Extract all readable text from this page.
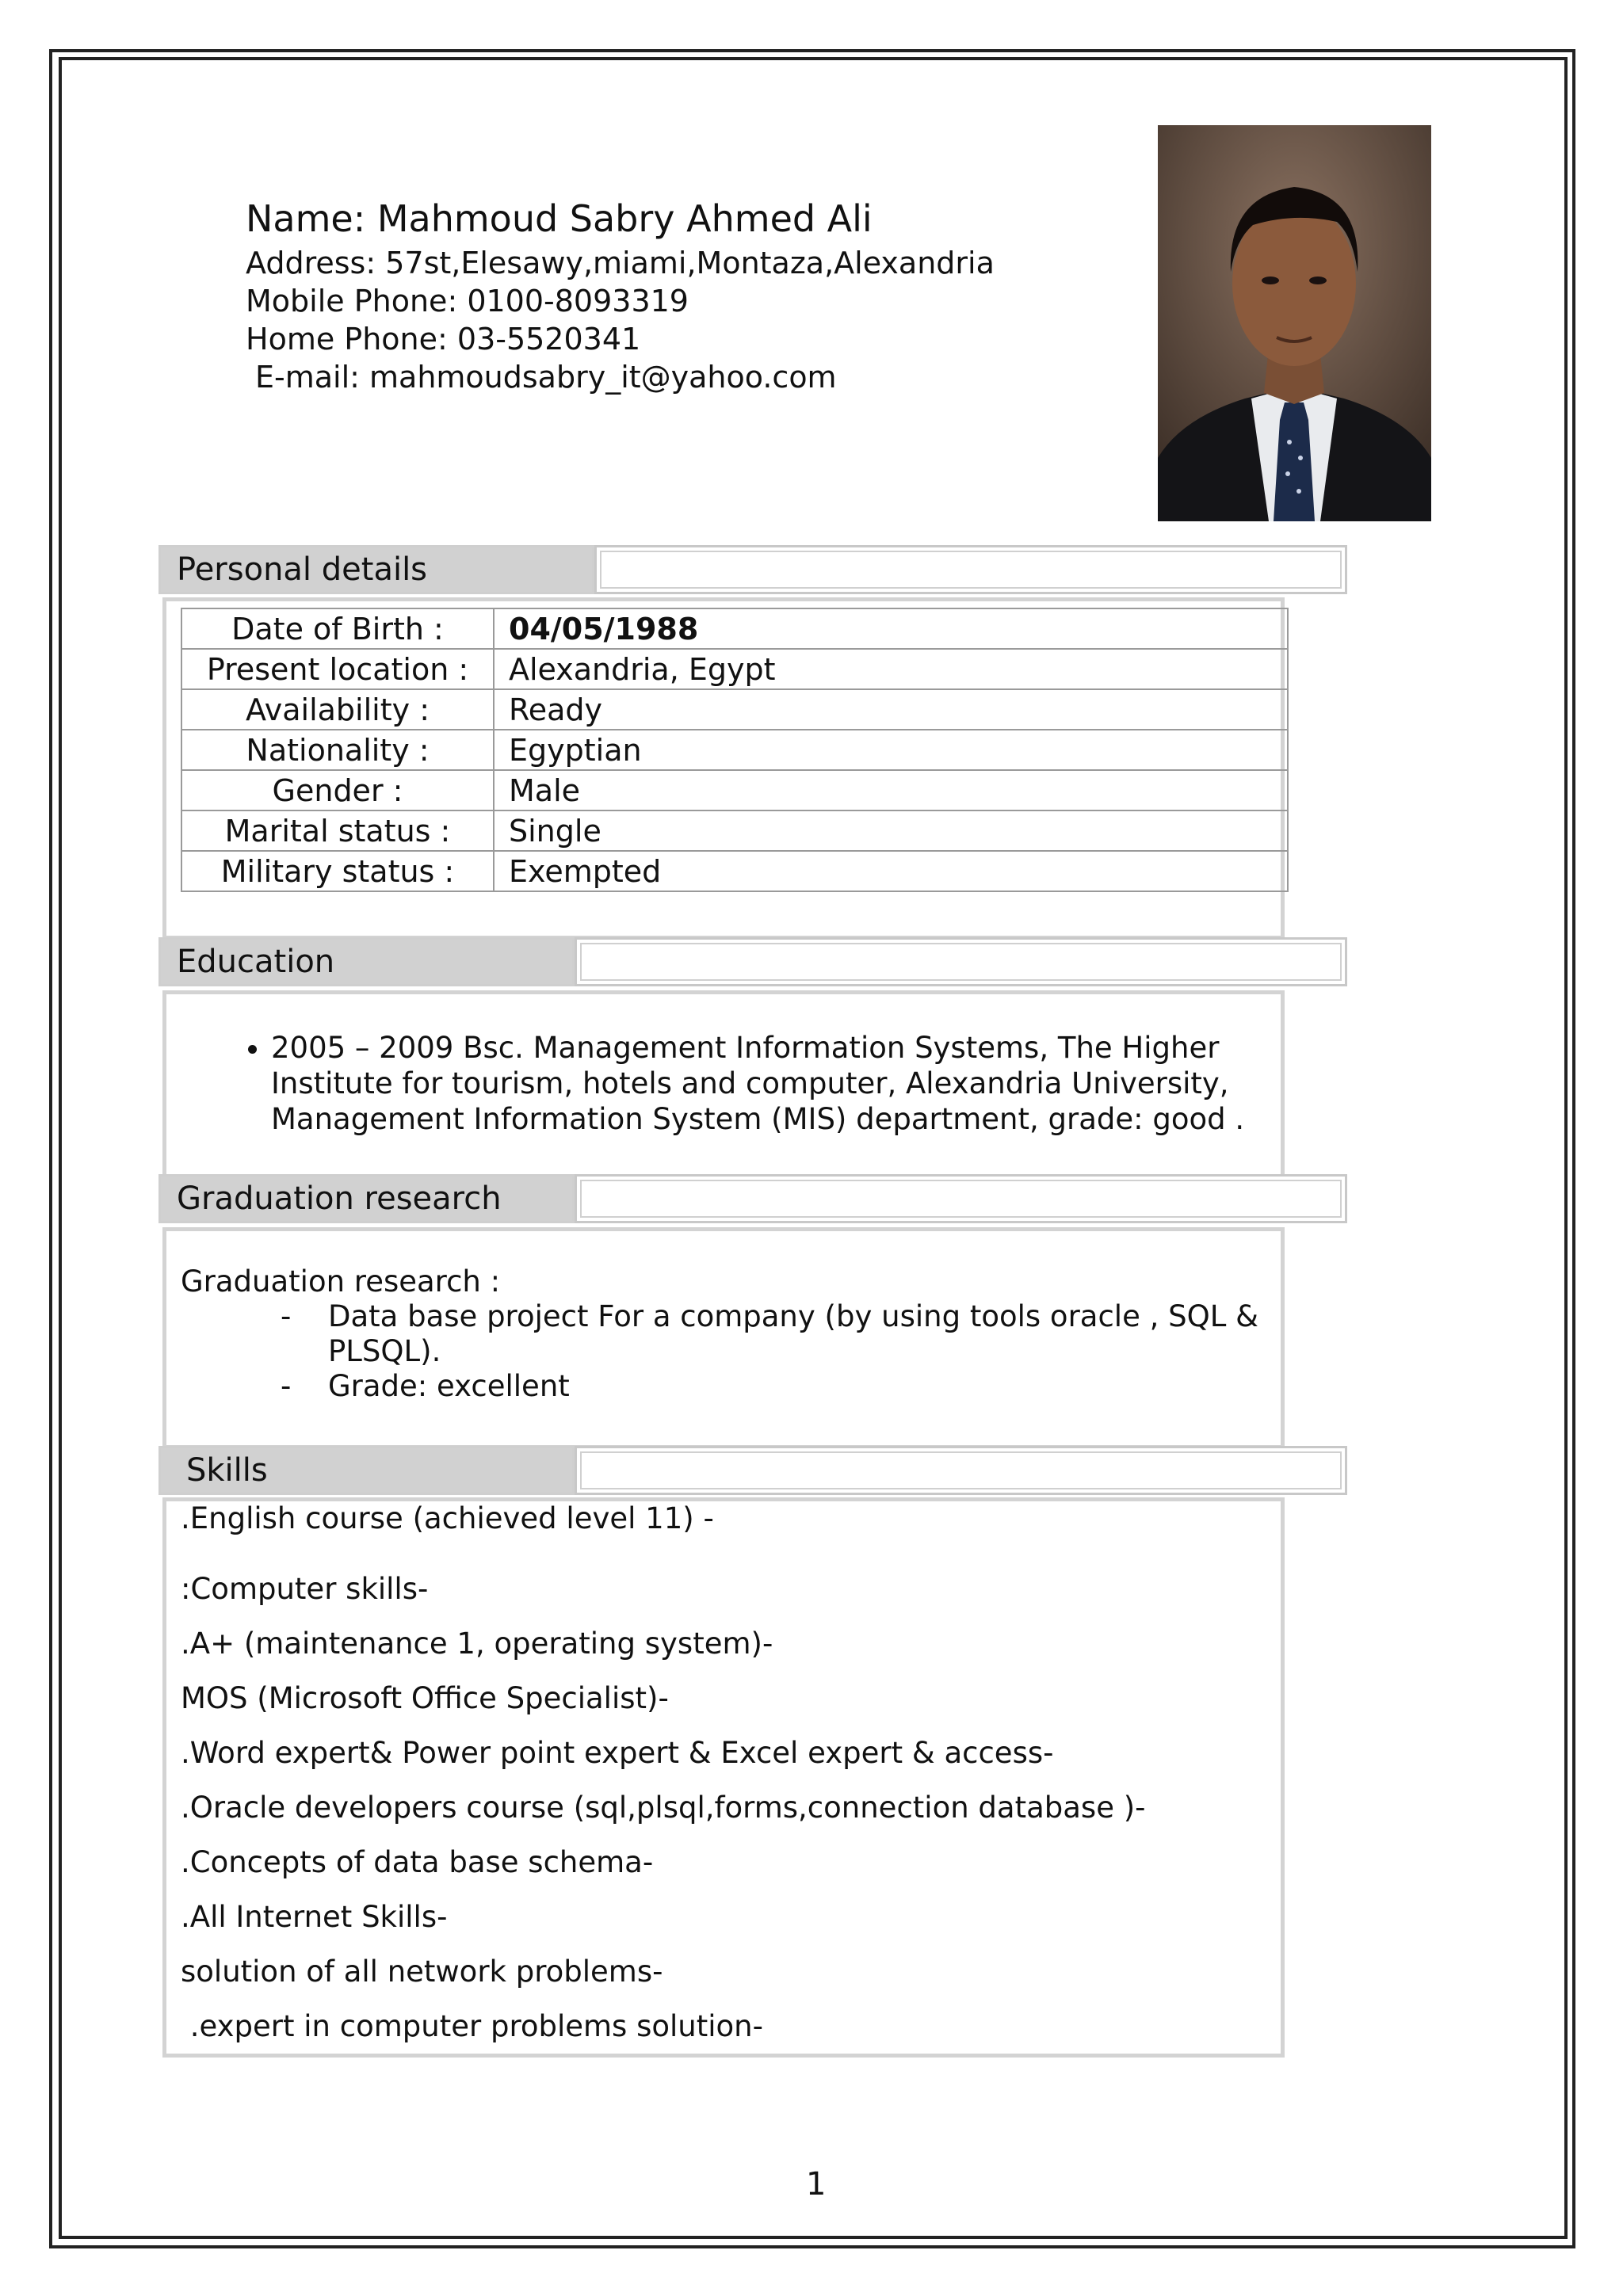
Name: Mahmoud Sabry Ahmed Ali
Address: 57st,Elesawy,miami,Montaza,Alexandria
Mobile Phone: 0100-8093319
Home Phone: 03-5520341
E-mail: mahmoudsabry_it@yahoo.com
Personal details
Date of Birth :	04/05/1988
Present location :	Alexandria, Egypt
Availability :	Ready
Nationality :	Egyptian
Gender :	Male
Marital status :	Single
Military status :	Exempted
Education
• 2005 – 2009 Bsc. Management Information Systems, The Higher Institute for tourism, hotels and computer, Alexandria University, Management Information System (MIS) department, grade: good .
Graduation research
Graduation research :
- Data base project For a company (by using tools oracle , SQL & PLSQL).
- Grade: excellent
Skills
.English course (achieved level 11) -
:Computer skills-
.A+ (maintenance 1, operating system)-
MOS (Microsoft Office Specialist)-
.Word expert& Power point expert & Excel expert & access-
.Oracle developers course (sql,plsql,forms,connection database )-
.Concepts of data base schema-
.All Internet Skills-
solution of all network problems-
.expert in computer problems solution-
1
